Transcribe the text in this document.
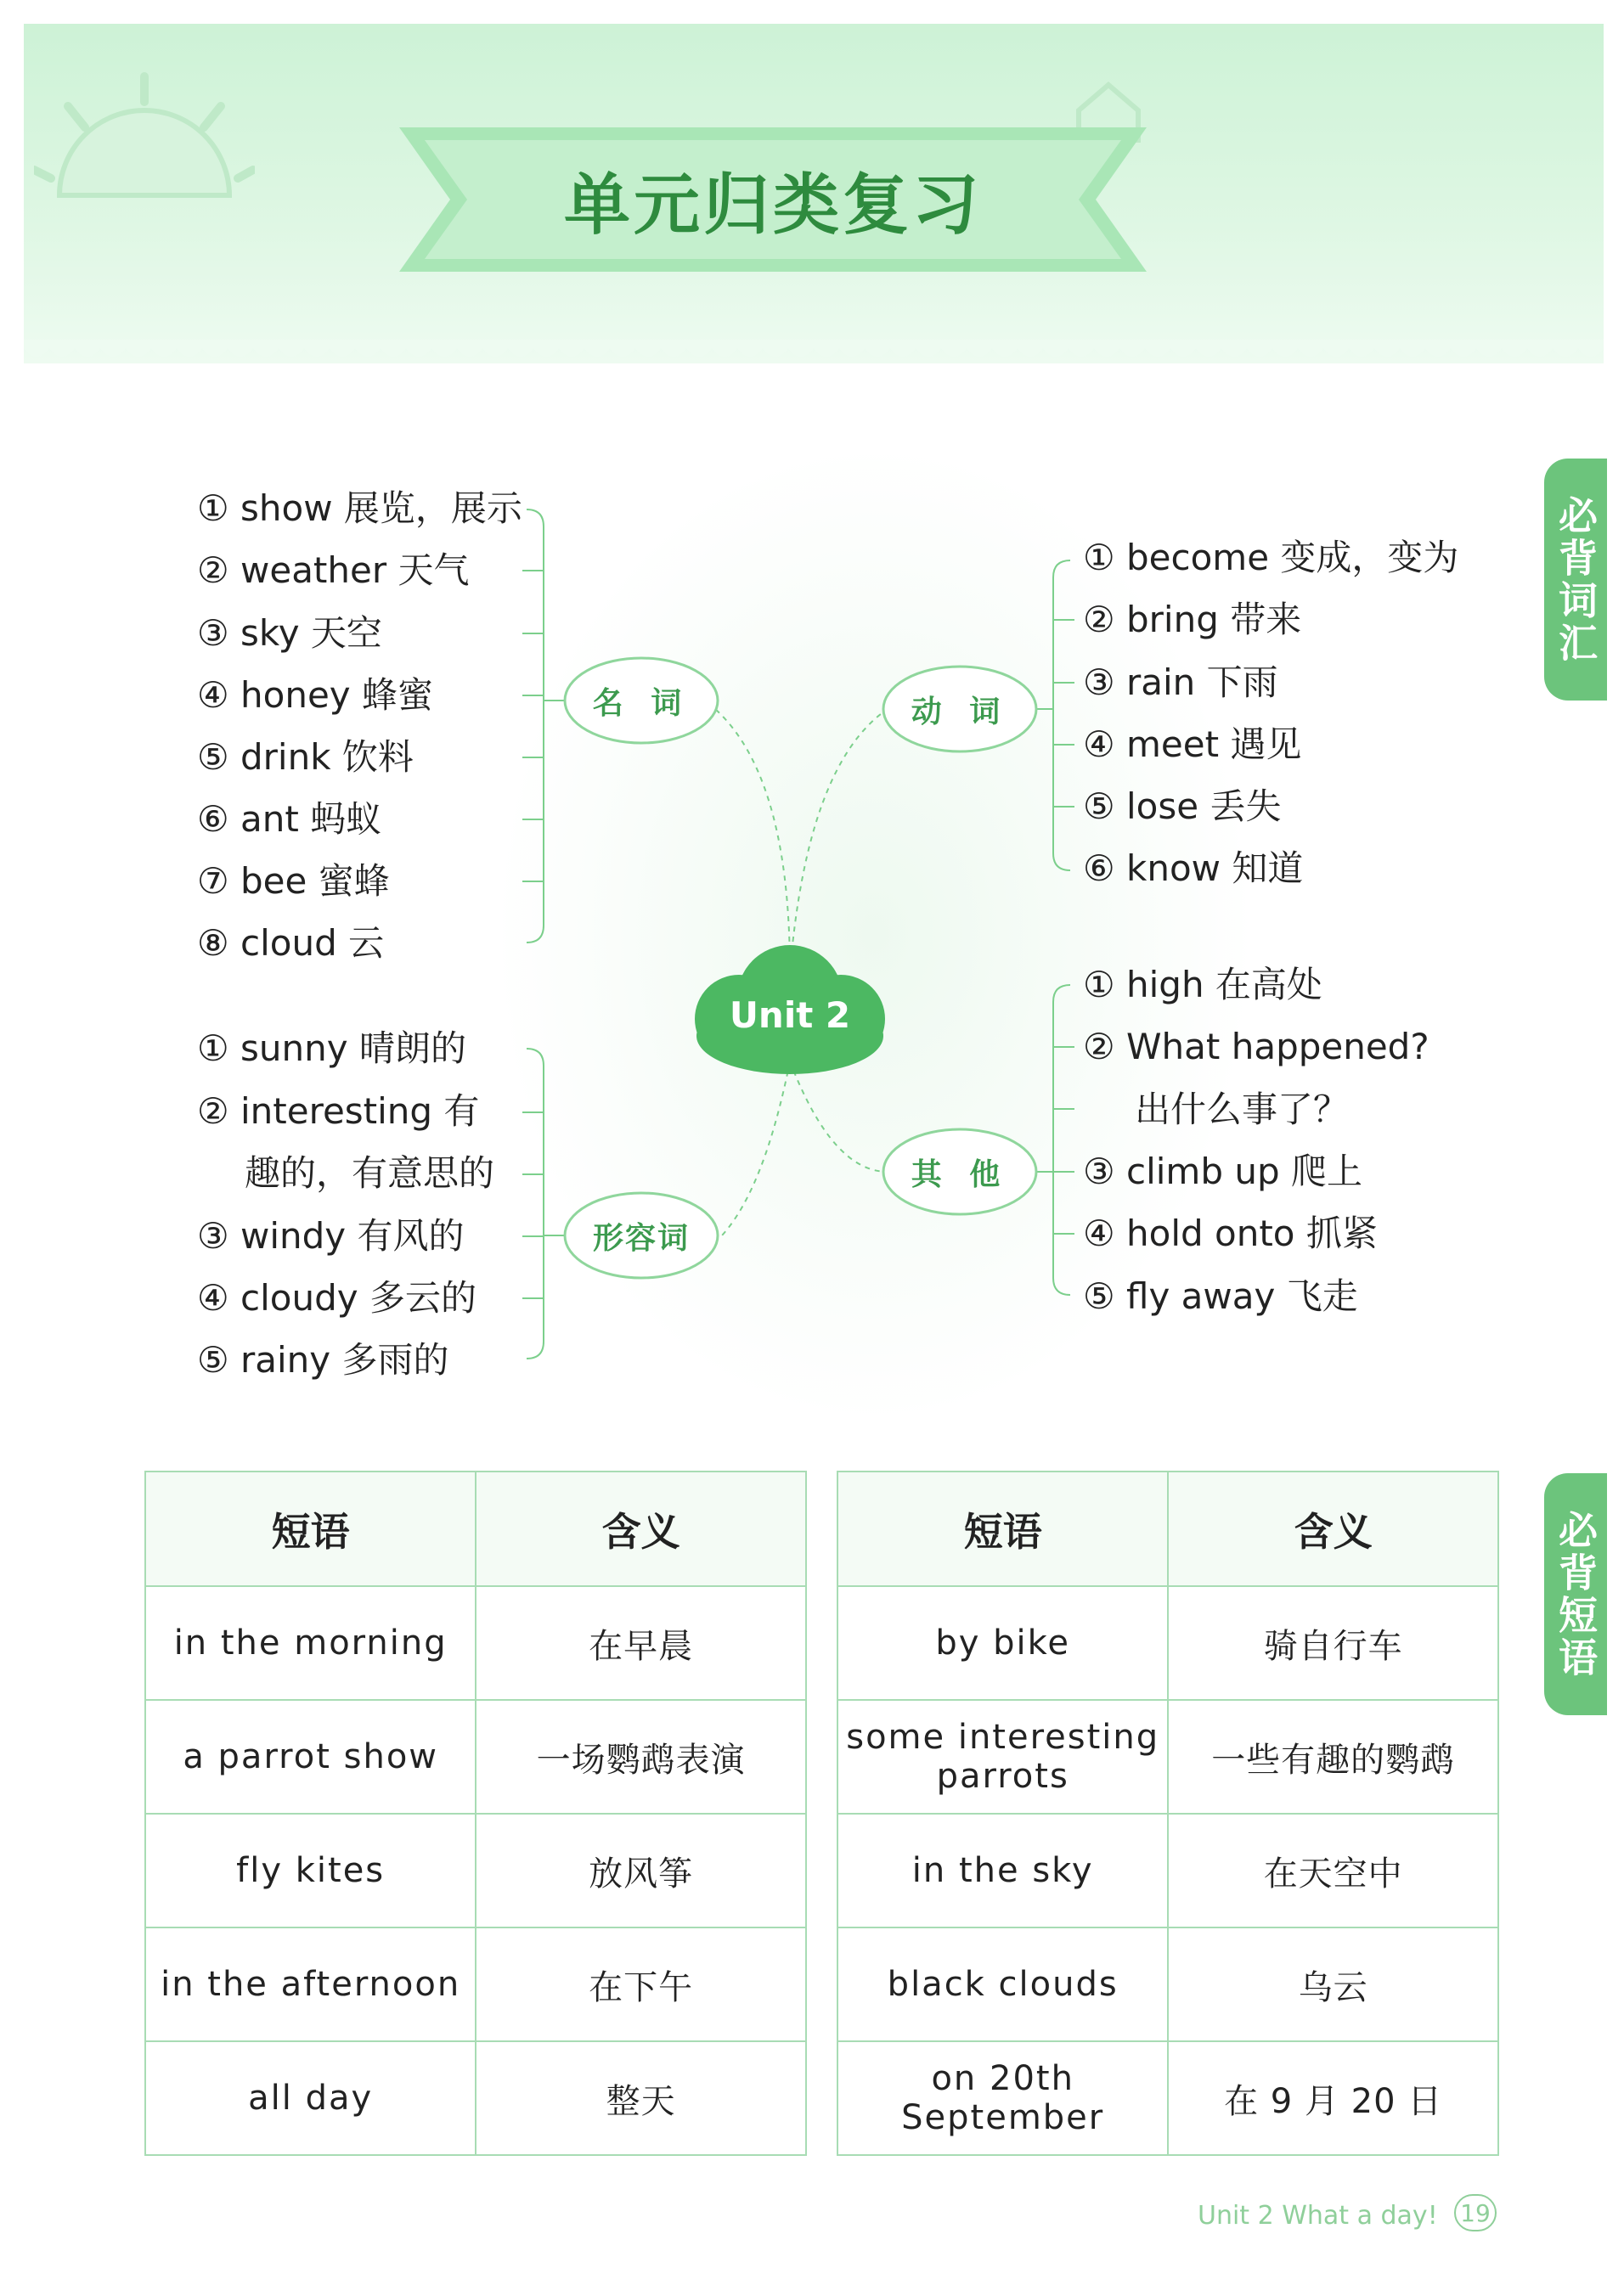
单元归类复习
必背词汇
必背短语
Unit 2
名 词	动 词
形容词
其 他
① show 展览，展示
② weather 天气
③ sky 天空
④ honey 蜂蜜
⑤ drink 饮料
⑥ ant 蚂蚁
⑦ bee 蜜蜂
⑧ cloud 云
① become 变成，变为
② bring 带来
③ rain 下雨
④ meet 遇见
⑤ lose 丢失
⑥ know 知道
① sunny 晴朗的
② interesting 有
趣的，有意思的
③ windy 有风的
④ cloudy 多云的
⑤ rainy 多雨的
① high 在高处
② What happened?
出什么事了？
③ climb up 爬上
④ hold onto 抓紧
⑤ fly away 飞走
短语	含义
in the morning	在早晨
a parrot show	一场鹦鹉表演
fly kites	放风筝
in the afternoon	在下午
all day	整天
短语	含义
by bike	骑自行车
some interesting parrots	一些有趣的鹦鹉
in the sky	在天空中
black clouds	乌云
on 20th September	在 9 月 20 日
Unit 2 What a day! 19
